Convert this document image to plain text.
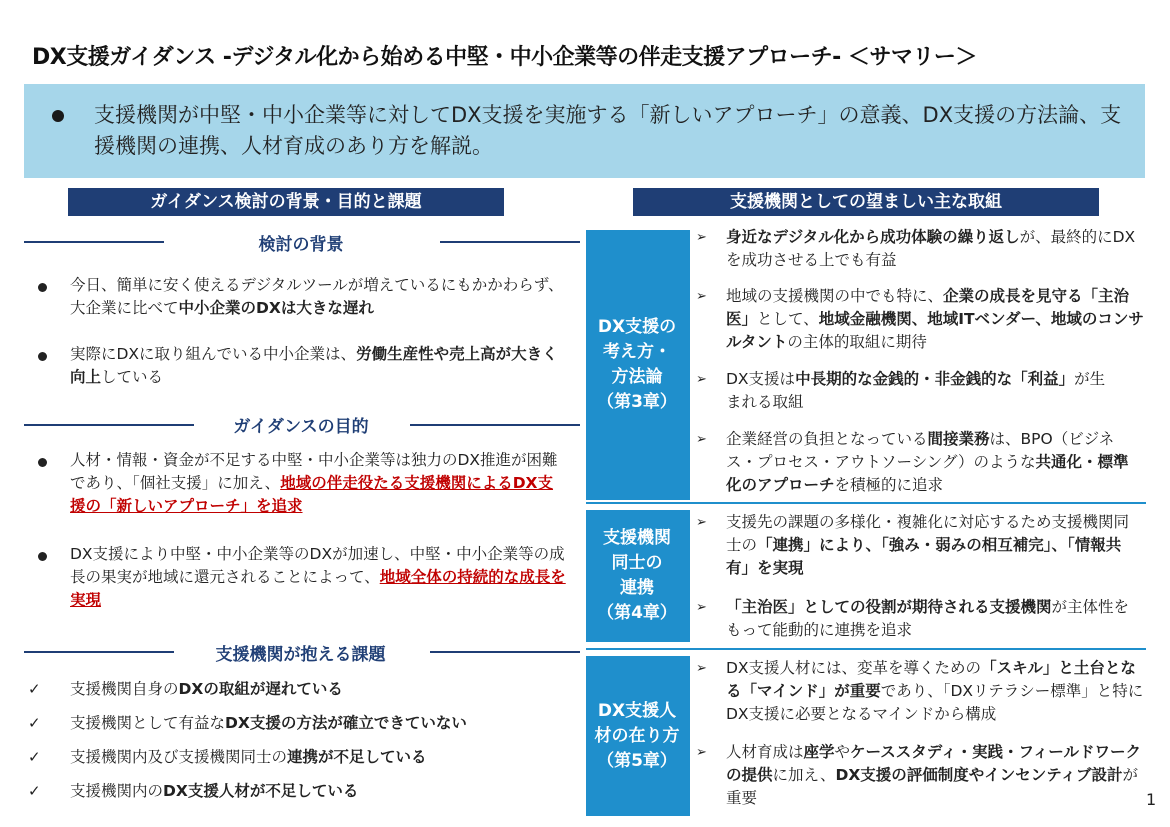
DX支援ガイダンス -デジタル化から始める中堅・中小企業等の伴走支援アプローチ- ＜サマリー＞
支援機関が中堅・中小企業等に対してDX支援を実施する「新しいアプローチ」の意義、DX支援の方法論、支援機関の連携、人材育成のあり方を解説。
ガイダンス検討の背景・目的と課題
検討の背景
今日、簡単に安く使えるデジタルツールが増えているにもかかわらず、大企業に比べて中小企業のDXは大きな遅れ
実際にDXに取り組んでいる中小企業は、労働生産性や売上高が大きく向上している
ガイダンスの目的
人材・情報・資金が不足する中堅・中小企業等は独力のDX推進が困難であり、「個社支援」に加え、地域の伴走役たる支援機関によるDX支援の「新しいアプローチ」を追求
DX支援により中堅・中小企業等のDXが加速し、中堅・中小企業等の成長の果実が地域に還元されることによって、地域全体の持続的な成長を実現
支援機関が抱える課題
✓ 支援機関自身のDXの取組が遅れている
✓ 支援機関として有益なDX支援の方法が確立できていない
✓ 支援機関内及び支援機関同士の連携が不足している
✓ 支援機関内のDX支援人材が不足している
支援機関としての望ましい主な取組
DX支援の
考え方・
方法論
（第3章）
➢ 身近なデジタル化から成功体験の繰り返しが、最終的にDXを成功させる上でも有益
➢ 地域の支援機関の中でも特に、企業の成長を見守る「主治医」として、地域金融機関、地域ITベンダー、地域のコンサルタントの主体的取組に期待
➢ DX支援は中長期的な金銭的・非金銭的な「利益」が生まれる取組
➢ 企業経営の負担となっている間接業務は、BPO（ビジネス・プロセス・アウトソーシング）のような共通化・標準化のアプローチを積極的に追求
支援機関
同士の
連携
（第4章）
➢ 支援先の課題の多様化・複雑化に対応するため支援機関同士の「連携」により、「強み・弱みの相互補完」、「情報共有」を実現
➢ 「主治医」としての役割が期待される支援機関が主体性をもって能動的に連携を追求
DX支援人
材の在り方
（第5章）
➢ DX支援人材には、変革を導くための「スキル」と土台となる「マインド」が重要であり、「DXリテラシー標準」と特にDX支援に必要となるマインドから構成
➢ 人材育成は座学やケーススタディ・実践・フィールドワークの提供に加え、DX支援の評価制度やインセンティブ設計が重要	1
